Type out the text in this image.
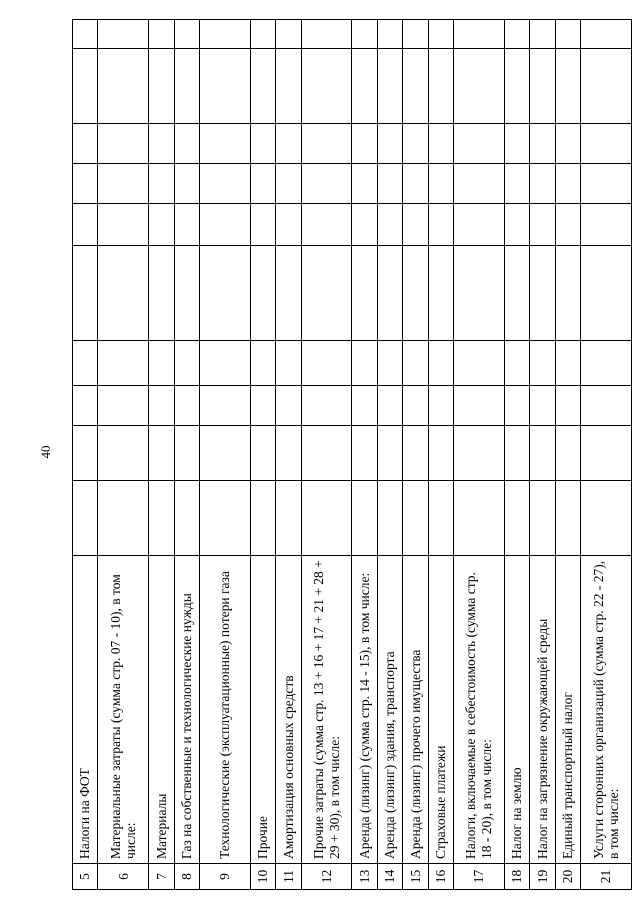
40
5	Налоги на ФОТ										
6	Материальные затраты (сумма стр. 07 - 10), в том числе:										
7	Материалы										
8	Газ на собственные и технологические нужды										
9	Технологические (эксплуатационные) потери газа										
10	Прочие										
11	Амортизация основных средств										
12	Прочие затраты (сумма стр. 13 + 16 + 17 + 21 + 28 + 29 + 30), в том числе:										
13	Аренда (лизинг) (сумма стр. 14 - 15), в том числе:										
14	Аренда (лизинг) здания, транспорта										
15	Аренда (лизинг) прочего имущества										
16	Страховые платежи										
17	Налоги, включаемые в себестоимость (сумма стр. 18 - 20), в том числе:										
18	Налог на землю										
19	Налог на загрязнение окружающей среды										
20	Единый транспортный налог										
21	Услуги сторонних организаций (сумма стр. 22 - 27), в том числе:										
